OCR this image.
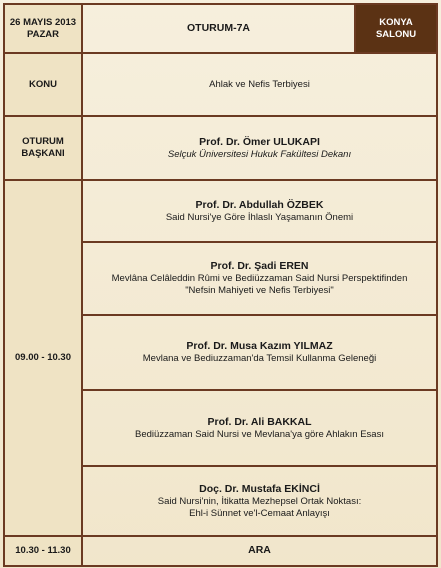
26 MAYIS 2013
PAZAR	OTURUM-7A	KONYA
SALONU

KONU	Ahlak ve Nefis Terbiyesi	

OTURUM
BAŞKANI	Prof. Dr. Ömer ULUKAPI
Selçuk Üniversitesi Hukuk Fakültesi Dekanı	

09.00 - 10.30	Prof. Dr. Abdullah ÖZBEK
Said Nursi'ye Göre İhlaslı Yaşamanın Önemi	

	Prof. Dr. Şadi EREN
Mevlâna Celâleddin Rûmi ve Bediüzzaman Said Nursi Perspektifinden
"Nefsin Mahiyeti ve Nefis Terbiyesi"	

	Prof. Dr. Musa Kazım YILMAZ
Mevlana ve Bediuzzaman'da Temsil Kullanma Geleneği	

	Prof. Dr. Ali BAKKAL
Bediüzzaman Said Nursi ve Mevlana'ya göre Ahlakın Esası	

	Doç. Dr. Mustafa EKİNCİ
Said Nursi'nin, İtikatta Mezhepsel Ortak Noktası:
Ehl-i Sünnet ve'l-Cemaat Anlayışı	

10.30 - 11.30	ARA	
